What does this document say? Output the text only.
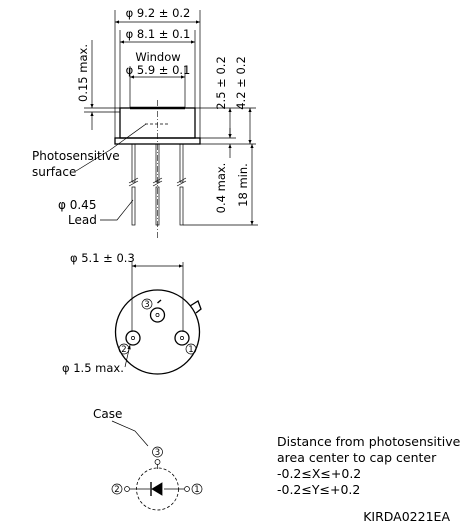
φ 9.2 ± 0.2
φ 8.1 ± 0.1
Window
φ 5.9 ± 0.1
0.15 max.	2.5 ± 0.2 4.2 ± 0.2
0.4 max. 18 min.
Photosensitive
surface
φ 0.45
Lead
φ 5.1 ± 0.3
3
2	1
φ 1.5 max.
Case
3
2	1
Distance from photosensitive
area center to cap center
-0.2≤X≤+0.2
-0.2≤Y≤+0.2
KIRDA0221EA
